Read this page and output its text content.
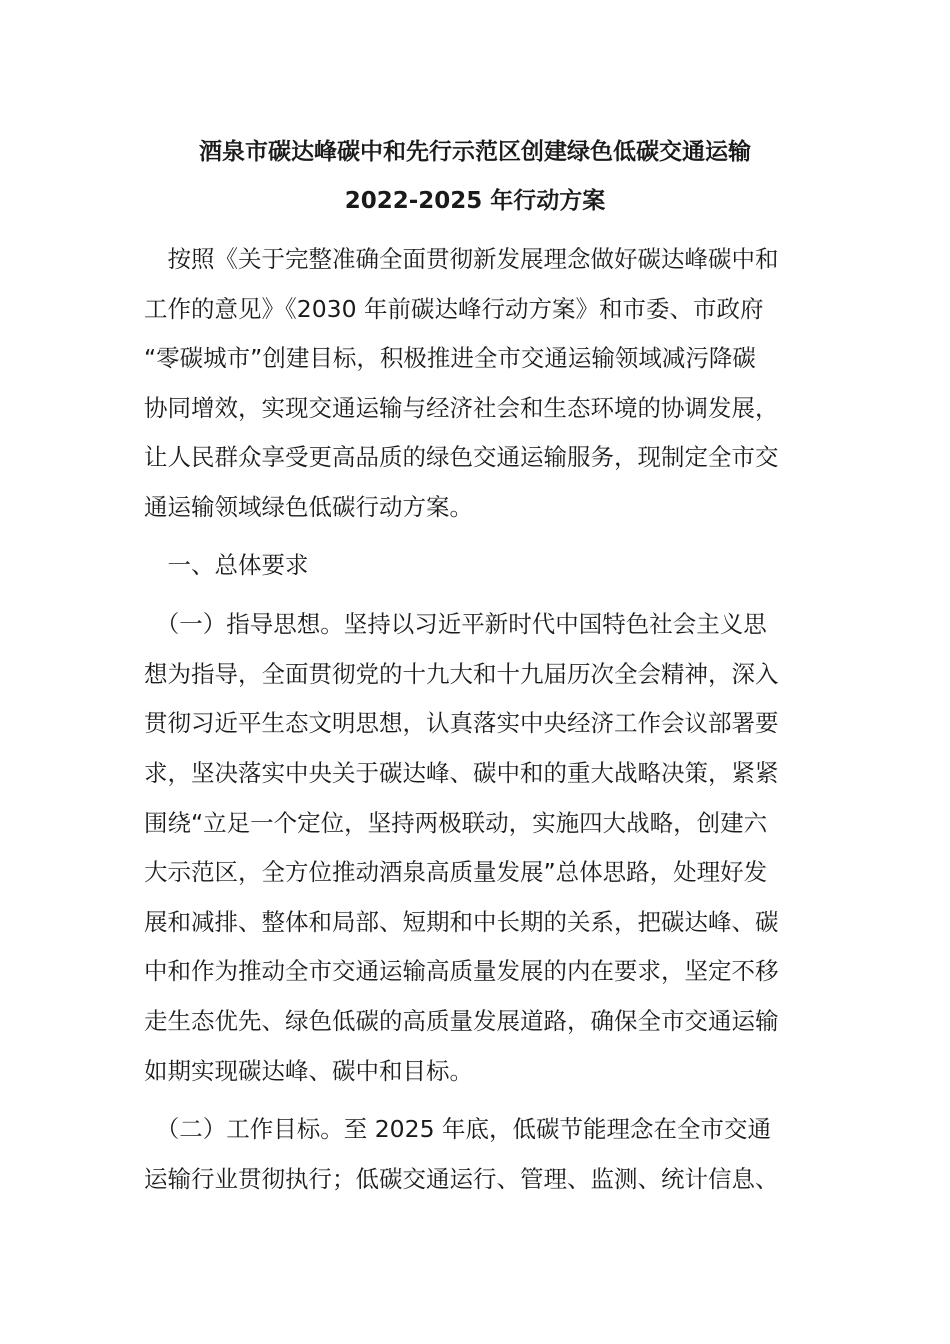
酒泉市碳达峰碳中和先行示范区创建绿色低碳交通运输
2022-2025 年行动方案
　按照《关于完整准确全面贯彻新发展理念做好碳达峰碳中和
工作的意见》《2030 年前碳达峰行动方案》和市委、市政府
“零碳城市”创建目标，积极推进全市交通运输领域减污降碳
协同增效，实现交通运输与经济社会和生态环境的协调发展，
让人民群众享受更高品质的绿色交通运输服务，现制定全市交
通运输领域绿色低碳行动方案。
　一、总体要求
　（一）指导思想。坚持以习近平新时代中国特色社会主义思
想为指导，全面贯彻党的十九大和十九届历次全会精神，深入
贯彻习近平生态文明思想，认真落实中央经济工作会议部署要
求，坚决落实中央关于碳达峰、碳中和的重大战略决策，紧紧
围绕“立足一个定位，坚持两极联动，实施四大战略，创建六
大示范区，全方位推动酒泉高质量发展”总体思路，处理好发
展和减排、整体和局部、短期和中长期的关系，把碳达峰、碳
中和作为推动全市交通运输高质量发展的内在要求，坚定不移
走生态优先、绿色低碳的高质量发展道路，确保全市交通运输
如期实现碳达峰、碳中和目标。
　（二）工作目标。至 2025 年底，低碳节能理念在全市交通
运输行业贯彻执行；低碳交通运行、管理、监测、统计信息、
